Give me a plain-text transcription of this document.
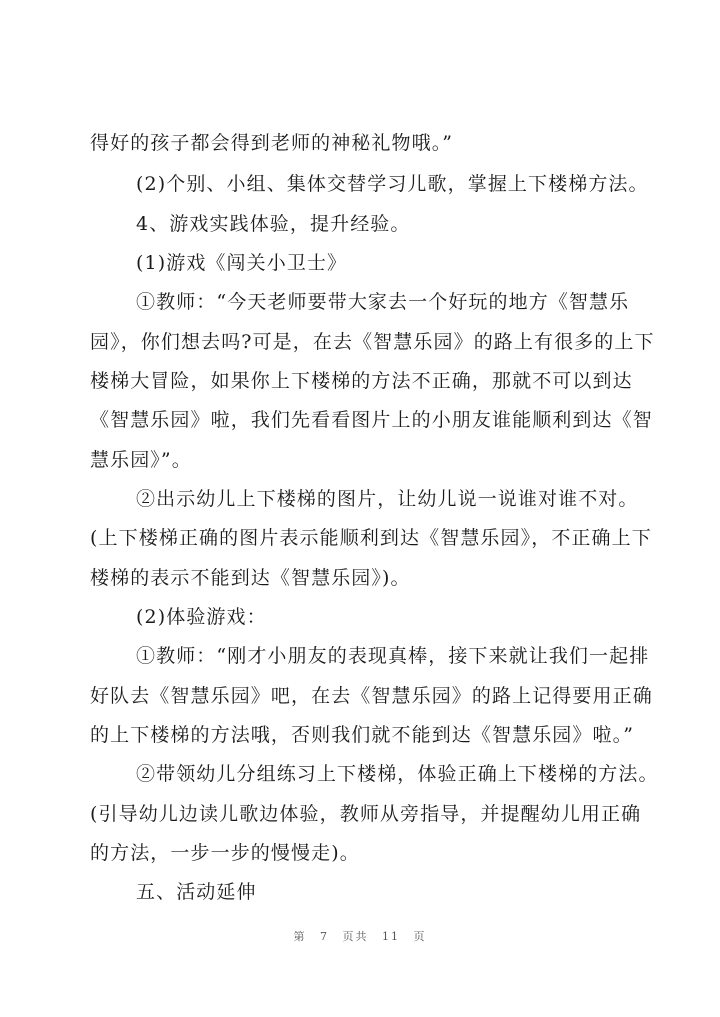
得好的孩子都会得到老师的神秘礼物哦。”
(2)个别、小组、集体交替学习儿歌，掌握上下楼梯方法。
4、游戏实践体验，提升经验。
(1)游戏《闯关小卫士》
①教师：“今天老师要带大家去一个好玩的地方《智慧乐
园》，你们想去吗?可是，在去《智慧乐园》的路上有很多的上下
楼梯大冒险，如果你上下楼梯的方法不正确，那就不可以到达
《智慧乐园》啦，我们先看看图片上的小朋友谁能顺利到达《智
慧乐园》”。
②出示幼儿上下楼梯的图片，让幼儿说一说谁对谁不对。
(上下楼梯正确的图片表示能顺利到达《智慧乐园》，不正确上下
楼梯的表示不能到达《智慧乐园》)。
(2)体验游戏：
①教师：“刚才小朋友的表现真棒，接下来就让我们一起排
好队去《智慧乐园》吧，在去《智慧乐园》的路上记得要用正确
的上下楼梯的方法哦，否则我们就不能到达《智慧乐园》啦。”
②带领幼儿分组练习上下楼梯，体验正确上下楼梯的方法。
(引导幼儿边读儿歌边体验，教师从旁指导，并提醒幼儿用正确
的方法，一步一步的慢慢走)。
五、活动延伸
第 7 页共 11 页
